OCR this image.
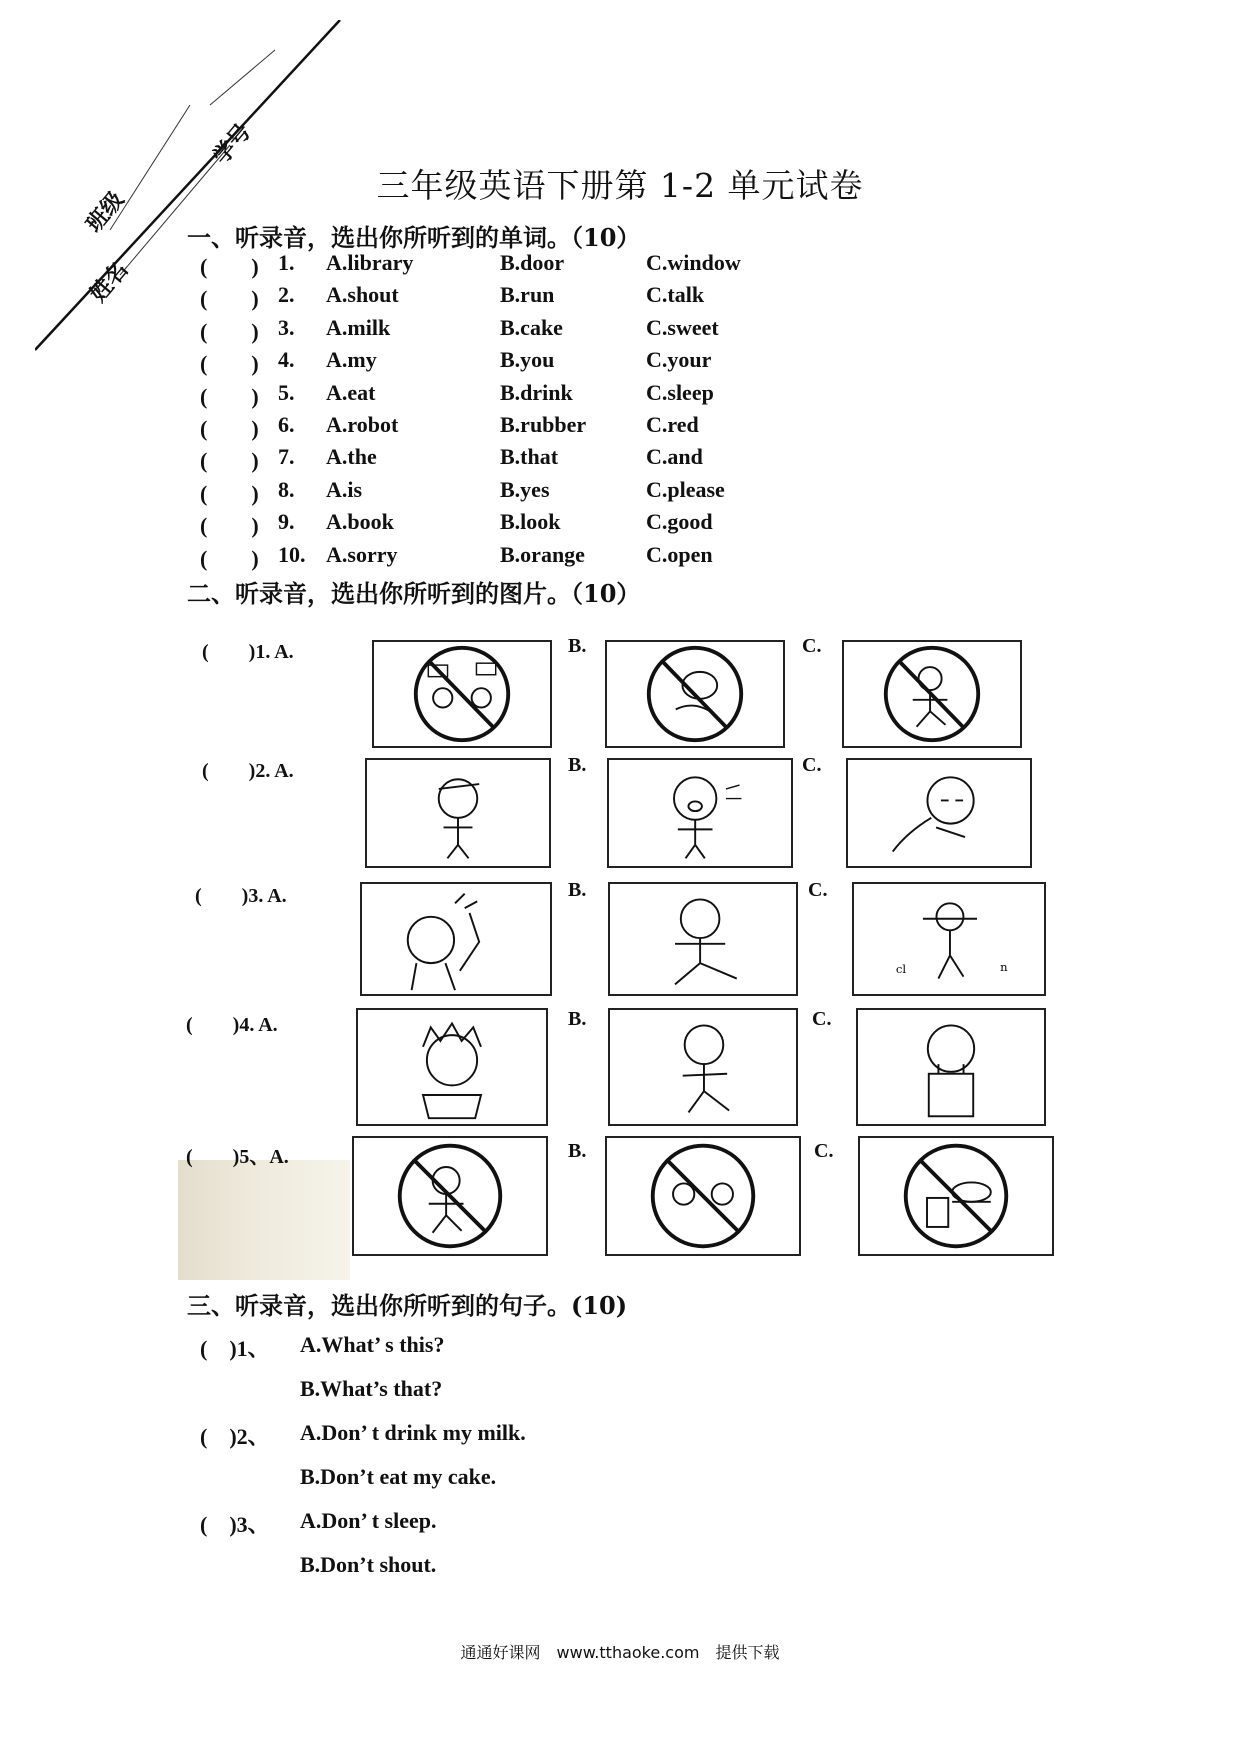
班级
姓名
学号
三年级英语下册第 1-2 单元试卷
一、听录音，选出你所听到的单词。（10）
(　　) 1. A.library	B.door	C.window
(　　) 2. A.shout	B.run	C.talk
(　　) 3. A.milk	B.cake	C.sweet
(　　) 4. A.my	B.you	C.your
(　　) 5. A.eat	B.drink	C.sleep
(　　) 6. A.robot	B.rubber	C.red
(　　) 7. A.the	B.that	C.and
(　　) 8. A.is	B.yes	C.please
(　　) 9. A.book	B.look	C.good
(　　) 10. A.sorry	B.orange	C.open
二、听录音，选出你所听到的图片。（10）
(　　)1. A.	B.	C.
(　　)2. A.	B.	C.
(　　)3. A.	B.	C.
cl	n
(　　)4. A.	B.	C.
(　　)5、A.	B.	C.
三、听录音，选出你所听到的句子。(10)
(　)1、 A.What’ s this?
B.What’s that?
(　)2、 A.Don’ t drink my milk.
B.Don’t eat my cake.
(　)3、 A.Don’ t sleep.
B.Don’t shout.
通通好课网　www.tthaoke.com　提供下载
